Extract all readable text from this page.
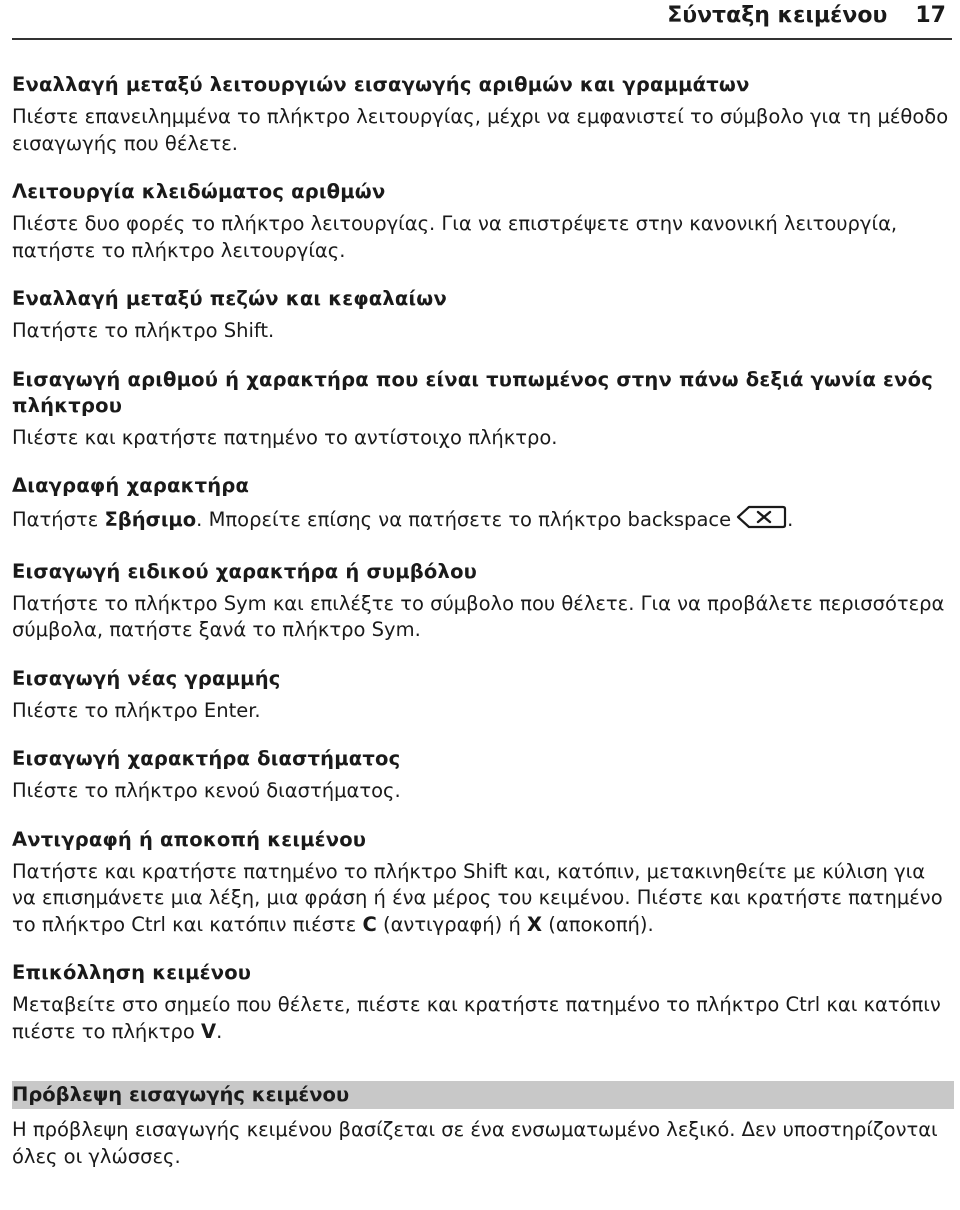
Σύνταξη κειμένου 17
Εναλλαγή μεταξύ λειτουργιών εισαγωγής αριθμών και γραμμάτων

Πιέστε επανειλημμένα το πλήκτρο λειτουργίας, μέχρι να εμφανιστεί το σύμβολο για τη μέθοδο εισαγωγής που θέλετε.

Λειτουργία κλειδώματος αριθμών

Πιέστε δυο φορές το πλήκτρο λειτουργίας. Για να επιστρέψετε στην κανονική λειτουργία, πατήστε το πλήκτρο λειτουργίας.

Εναλλαγή μεταξύ πεζών και κεφαλαίων

Πατήστε το πλήκτρο Shift.

Εισαγωγή αριθμού ή χαρακτήρα που είναι τυπωμένος στην πάνω δεξιά γωνία ενός πλήκτρου

Πιέστε και κρατήστε πατημένο το αντίστοιχο πλήκτρο.

Διαγραφή χαρακτήρα

Πατήστε Σβήσιμο. Μπορείτε επίσης να πατήσετε το πλήκτρο backspace	.

Εισαγωγή ειδικού χαρακτήρα ή συμβόλου

Πατήστε το πλήκτρο Sym και επιλέξτε το σύμβολο που θέλετε. Για να προβάλετε περισσότερα σύμβολα, πατήστε ξανά το πλήκτρο Sym.

Εισαγωγή νέας γραμμής

Πιέστε το πλήκτρο Enter.

Εισαγωγή χαρακτήρα διαστήματος

Πιέστε το πλήκτρο κενού διαστήματος.

Αντιγραφή ή αποκοπή κειμένου

Πατήστε και κρατήστε πατημένο το πλήκτρο Shift και, κατόπιν, μετακινηθείτε με κύλιση για να επισημάνετε μια λέξη, μια φράση ή ένα μέρος του κειμένου. Πιέστε και κρατήστε πατημένο το πλήκτρο Ctrl και κατόπιν πιέστε C (αντιγραφή) ή X (αποκοπή).

Επικόλληση κειμένου

Μεταβείτε στο σημείο που θέλετε, πιέστε και κρατήστε πατημένο το πλήκτρο Ctrl και κατόπιν πιέστε το πλήκτρο V.

Πρόβλεψη εισαγωγής κειμένου

Η πρόβλεψη εισαγωγής κειμένου βασίζεται σε ένα ενσωματωμένο λεξικό. Δεν υποστηρίζονται όλες οι γλώσσες.
